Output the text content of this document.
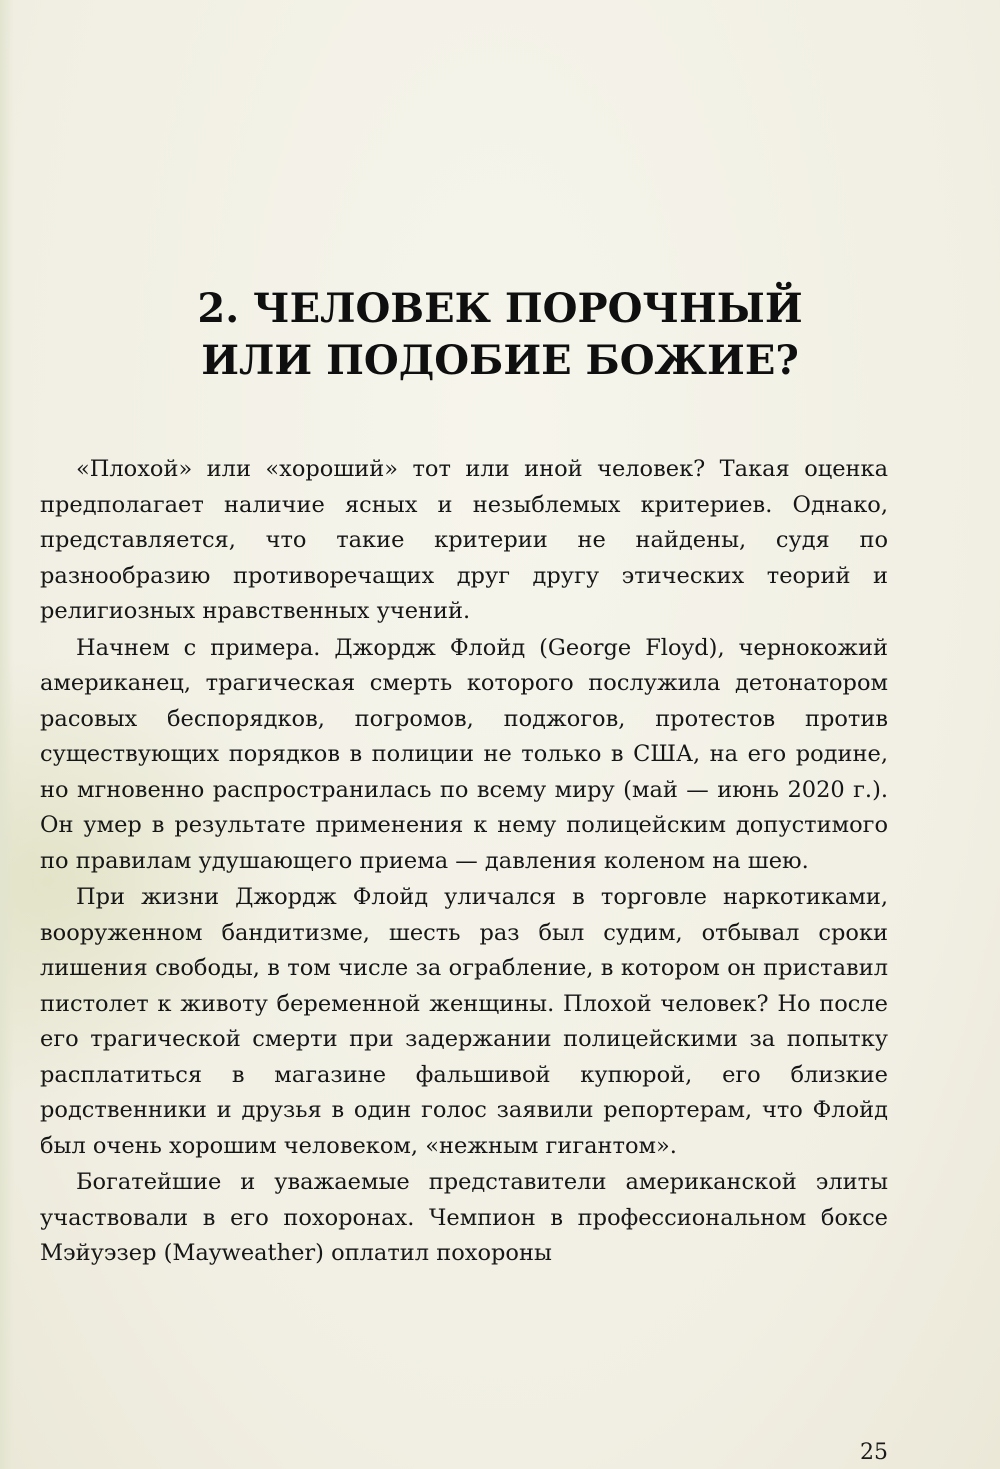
2. ЧЕЛОВЕК ПОРОЧНЫЙ
ИЛИ ПОДОБИЕ БОЖИЕ?

«Плохой» или «хороший» тот или иной человек? Такая оценка предполагает наличие ясных и незыблемых критериев. Однако, представляется, что такие критерии не найдены, судя по разнообразию противоречащих друг другу этических теорий и религиозных нравственных учений.

Начнем с примера. Джордж Флойд (George Floyd), чернокожий американец, трагическая смерть которого послужила детонатором расовых беспорядков, погромов, поджогов, протестов против существующих порядков в полиции не только в США, на его родине, но мгновенно распространилась по всему миру (май — июнь 2020 г.). Он умер в результате применения к нему полицейским допустимого по правилам удушающего приема — давления коленом на шею.

При жизни Джордж Флойд уличался в торговле наркотиками, вооруженном бандитизме, шесть раз был судим, отбывал сроки лишения свободы, в том числе за ограбление, в котором он приставил пистолет к животу беременной женщины. Плохой человек? Но после его трагической смерти при задержании полицейскими за попытку расплатиться в магазине фальшивой купюрой, его близкие родственники и друзья в один голос заявили репортерам, что Флойд был очень хорошим человеком, «нежным гигантом».

Богатейшие и уважаемые представители американской элиты участвовали в его похоронах. Чемпион в профессиональном боксе Мэйуэзер (Mayweather) оплатил похороны

25
